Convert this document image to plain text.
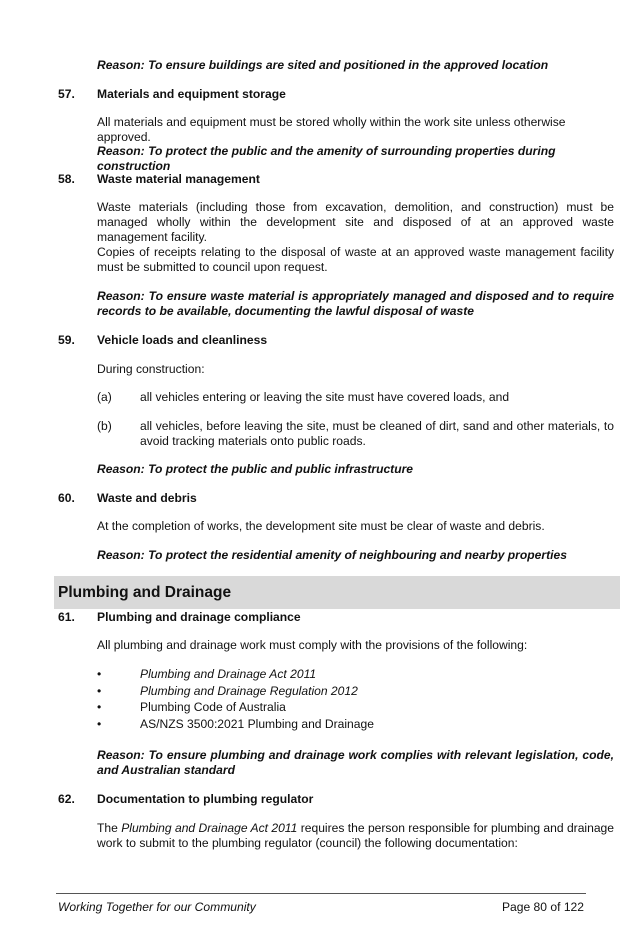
Reason: To ensure buildings are sited and positioned in the approved location
57. Materials and equipment storage
All materials and equipment must be stored wholly within the work site unless otherwise approved.
Reason: To protect the public and the amenity of surrounding properties during construction
58. Waste material management
Waste materials (including those from excavation, demolition, and construction) must be managed wholly within the development site and disposed of at an approved waste management facility.
Copies of receipts relating to the disposal of waste at an approved waste management facility must be submitted to council upon request.
Reason: To ensure waste material is appropriately managed and disposed and to require records to be available, documenting the lawful disposal of waste
59. Vehicle loads and cleanliness
During construction:
(a) all vehicles entering or leaving the site must have covered loads, and
(b) all vehicles, before leaving the site, must be cleaned of dirt, sand and other materials, to avoid tracking materials onto public roads.
Reason: To protect the public and public infrastructure
60. Waste and debris
At the completion of works, the development site must be clear of waste and debris.
Reason: To protect the residential amenity of neighbouring and nearby properties
Plumbing and Drainage
61. Plumbing and drainage compliance
All plumbing and drainage work must comply with the provisions of the following:
•	Plumbing and Drainage Act 2011
•	Plumbing and Drainage Regulation 2012
•	Plumbing Code of Australia
•	AS/NZS 3500:2021 Plumbing and Drainage
Reason: To ensure plumbing and drainage work complies with relevant legislation, code, and Australian standard
62. Documentation to plumbing regulator
The Plumbing and Drainage Act 2011 requires the person responsible for plumbing and drainage work to submit to the plumbing regulator (council) the following documentation:
Working Together for our Community	Page 80 of 122
